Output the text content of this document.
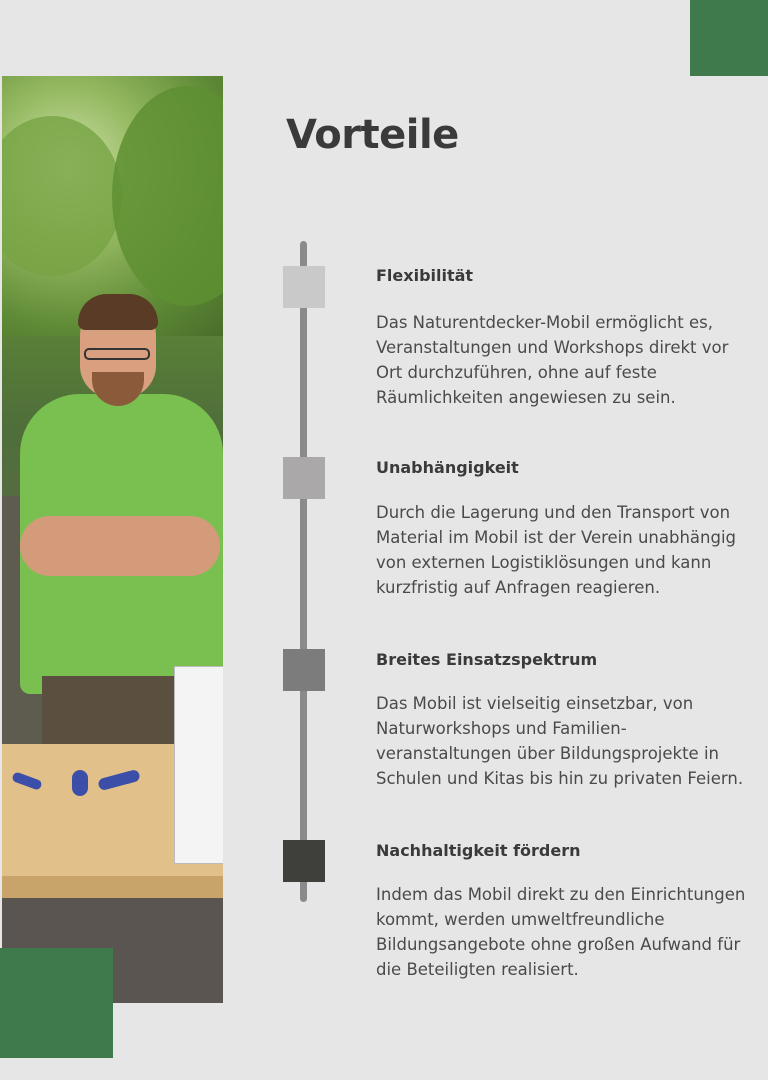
Vorteile
Flexibilität

Das Naturentdecker-Mobil ermöglicht es, Veranstaltungen und Workshops direkt vor Ort durchzuführen, ohne auf feste Räumlichkeiten angewiesen zu sein.

Unabhängigkeit

Durch die Lagerung und den Transport von Material im Mobil ist der Verein unabhängig von externen Logistiklösungen und kann kurzfristig auf Anfragen reagieren.

Breites Einsatzspektrum

Das Mobil ist vielseitig einsetzbar, von Naturworkshops und Familien-veranstaltungen über Bildungsprojekte in Schulen und Kitas bis hin zu privaten Feiern.

Nachhaltigkeit fördern

Indem das Mobil direkt zu den Einrichtungen kommt, werden umweltfreundliche Bildungsangebote ohne großen Aufwand für die Beteiligten realisiert.
